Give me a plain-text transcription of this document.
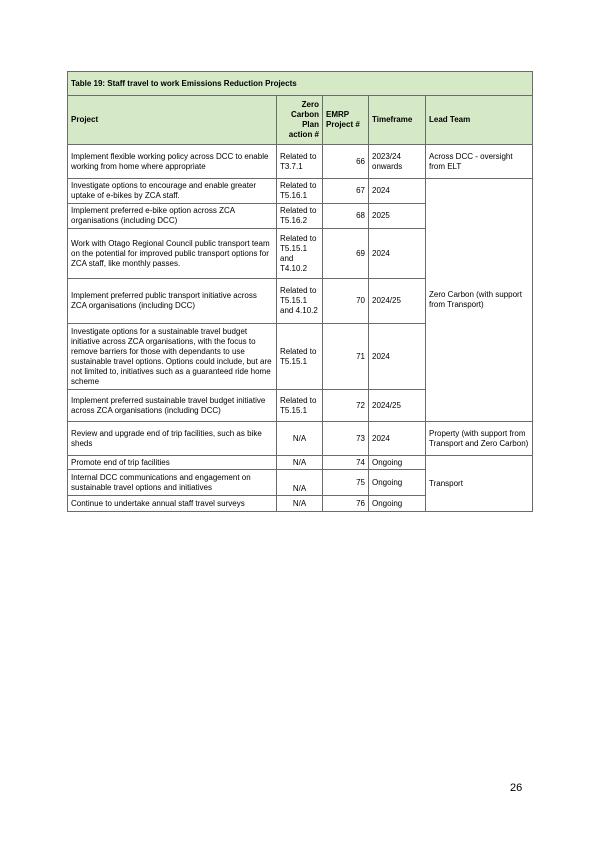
Table 19: Staff travel to work Emissions Reduction Projects				
Project	Zero Carbon Plan action #	EMRP Project #	Timeframe	Lead Team
Implement flexible working policy across DCC to enable working from home where appropriate	Related to T3.7.1	66	2023/24 onwards	Across DCC - oversight from ELT
Investigate options to encourage and enable greater uptake of e-bikes by ZCA staff.	Related to T5.16.1	67	2024	Zero Carbon (with support from Transport)
Implement preferred e-bike option across ZCA organisations (including DCC)	Related to T5.16.2	68	2025	
Work with Otago Regional Council public transport team on the potential for improved public transport options for ZCA staff, like monthly passes.	Related to T5.15.1 and T4.10.2	69	2024	
Implement preferred public transport initiative across ZCA organisations (including DCC)	Related to T5.15.1 and 4.10.2	70	2024/25	
Investigate options for a sustainable travel budget initiative across ZCA organisations, with the focus to remove barriers for those with dependants to use sustainable travel options. Options could include, but are not limited to, initiatives such as a guaranteed ride home scheme	Related to T5.15.1	71	2024	
Implement preferred sustainable travel budget initiative across ZCA organisations (including DCC)	Related to T5.15.1	72	2024/25	
Review and upgrade end of trip facilities, such as bike sheds	N/A	73	2024	Property (with support from Transport and Zero Carbon)
Promote end of trip facilities	N/A	74	Ongoing	Transport
Internal DCC communications and engagement on sustainable travel options and initiatives	N/A	75	Ongoing	
Continue to undertake annual staff travel surveys	N/A	76	Ongoing	
26
